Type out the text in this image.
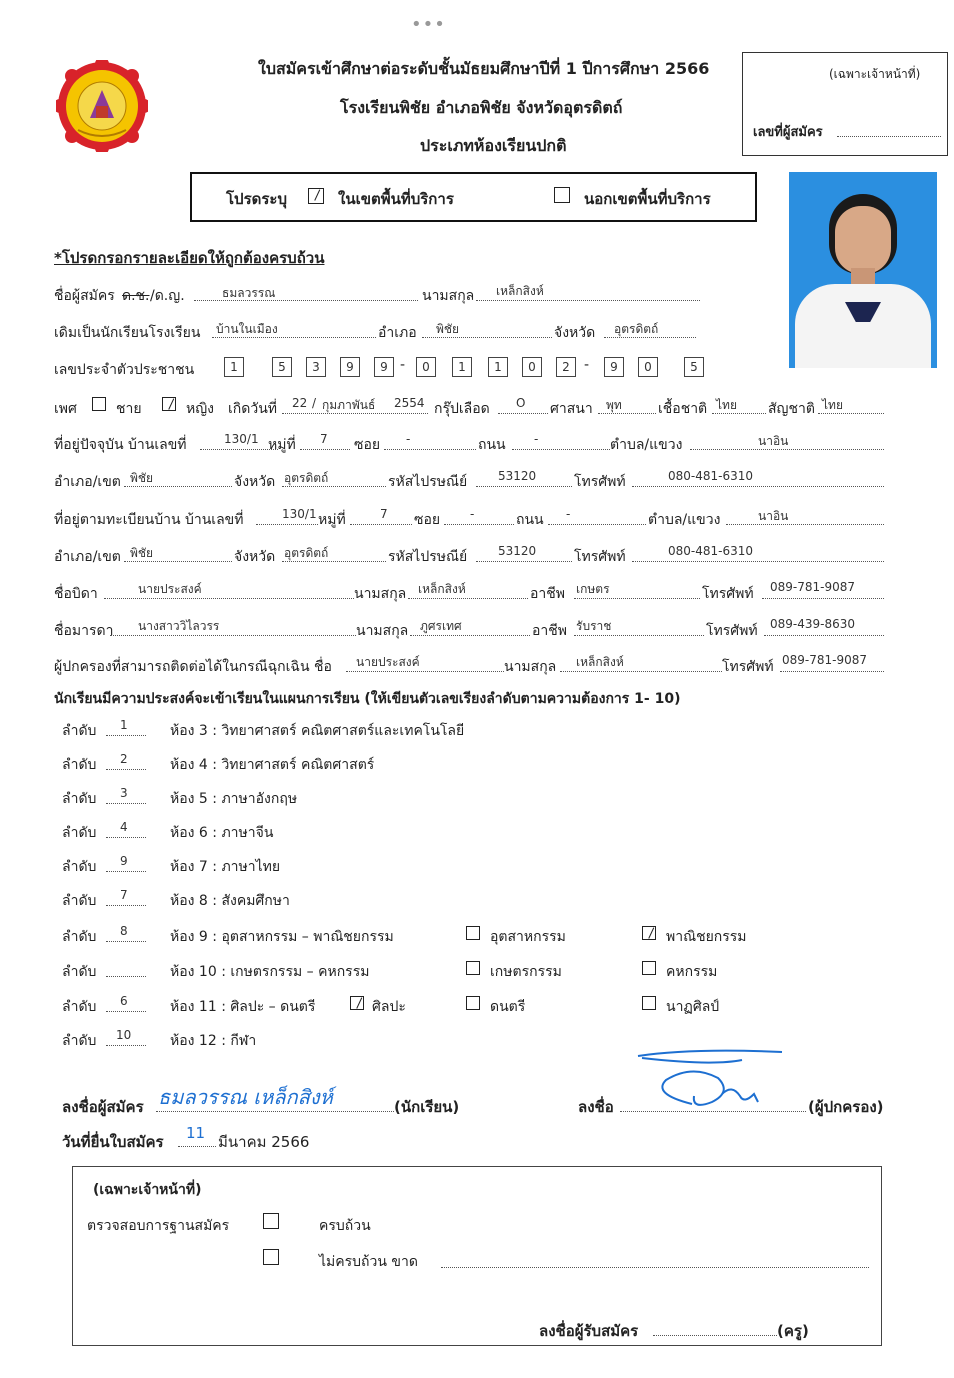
•••
ใบสมัครเข้าศึกษาต่อระดับชั้นมัธยมศึกษาปีที่ 1 ปีการศึกษา 2566
โรงเรียนพิชัย อำเภอพิชัย จังหวัดอุตรดิตถ์
ประเภทห้องเรียนปกติ
(เฉพาะเจ้าหน้าที่)
เลขที่ผู้สมัคร
โปรดระบุ	ในเขตพื้นที่บริการ	นอกเขตพื้นที่บริการ
*โปรดกรอกรายละเอียดให้ถูกต้องครบถ้วน
ชื่อผู้สมัคร ด.ช. /ด.ญ.	ธมลวรรณ	นามสกุล เหล็กสิงห์
เดิมเป็นนักเรียนโรงเรียน บ้านในเมือง	อำเภอ พิชัย	จังหวัด อุตรดิตถ์
เลขประจำตัวประชาชน	1	5	3	9	9 -	0	1	1	0	2	-	9	0	5
เพศ	ชาย	หญิง เกิดวันที่ 22 / กุมภาพันธ์ 2554 กรุ๊ปเลือด O ศาสนา พุท	เชื้อชาติ ไทย สัญชาติ ไทย
ที่อยู่ปัจจุบัน บ้านเลขที่	130/1 หมู่ที่ 7 ซอย -	ถนน -	ตำบล/แขวง	นาอิน
อำเภอ/เขต พิชัย	จังหวัด อุตรดิตถ์	รหัสไปรษณีย์	53120	โทรศัพท์	080-481-6310
ที่อยู่ตามทะเบียนบ้าน บ้านเลขที่	130/1 หมู่ที่	7 ซอย -	ถนน -	ตำบล/แขวง	นาอิน
อำเภอ/เขต พิชัย	จังหวัด อุตรดิตถ์	รหัสไปรษณีย์	53120	โทรศัพท์	080-481-6310
ชื่อบิดา	นายประสงค์	นามสกุล เหล็กสิงห์	อาชีพ เกษตร	โทรศัพท์ 089-781-9087
ชื่อมารดา นางสาววิไลวรร	นามสกุล ภูศรเทศ	อาชีพ รับราช	โทรศัพท์ 089-439-8630
ผู้ปกครองที่สามารถติดต่อได้ในกรณีฉุกเฉิน ชื่อ นายประสงค์	นามสกุล เหล็กสิงห์	โทรศัพท์ 089-781-9087
นักเรียนมีความประสงค์จะเข้าเรียนในแผนการเรียน (ให้เขียนตัวเลขเรียงลำดับตามความต้องการ 1- 10)
ลำดับ 1	ห้อง 3 : วิทยาศาสตร์ คณิตศาสตร์และเทคโนโลยี
ลำดับ 2	ห้อง 4 : วิทยาศาสตร์ คณิตศาสตร์
ลำดับ 3	ห้อง 5 : ภาษาอังกฤษ
ลำดับ 4	ห้อง 6 : ภาษาจีน
ลำดับ 9	ห้อง 7 : ภาษาไทย
ลำดับ 7	ห้อง 8 : สังคมศึกษา
ลำดับ 8	ห้อง 9 : อุตสาหกรรม – พาณิชยกรรม	อุตสาหกรรม	พาณิชยกรรม
ลำดับ	ห้อง 10 : เกษตรกรรม – คหกรรม	เกษตรกรรม	คหกรรม
ลำดับ 6	ห้อง 11 : ศิลปะ – ดนตรี	ศิลปะ	ดนตรี	นาฏศิลป์
ลำดับ 10	ห้อง 12 : กีฬา
ลงชื่อผู้สมัคร ธมลวรรณ เหล็กสิงห์	(นักเรียน)	ลงชื่อ	(ผู้ปกครอง)
วันที่ยื่นใบสมัคร 11 มีนาคม 2566
(เฉพาะเจ้าหน้าที่)
ตรวจสอบการฐานสมัคร	ครบถ้วน
ไม่ครบถ้วน ขาด
ลงชื่อผู้รับสมัคร	(ครู)
